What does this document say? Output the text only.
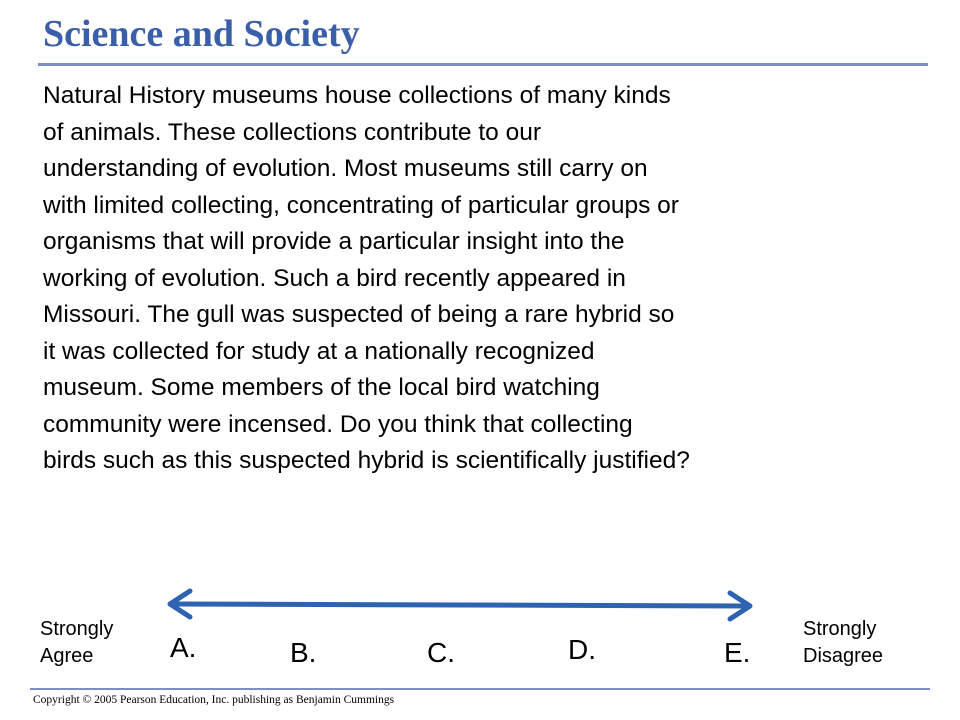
Science and Society

Natural History museums house collections of many kinds
of animals. These collections contribute to our
understanding of evolution. Most museums still carry on
with limited collecting, concentrating of particular groups or
organisms that will provide a particular insight into the
working of evolution. Such a bird recently appeared in
Missouri. The gull was suspected of being a rare hybrid so
it was collected for study at a nationally recognized
museum. Some members of the local bird watching
community were incensed. Do you think that collecting
birds such as this suspected hybrid is scientifically justified?

Strongly
Agree
Strongly
Disagree
A.	B.	C.	D.	E.
Copyright © 2005 Pearson Education, Inc. publishing as Benjamin Cummings
